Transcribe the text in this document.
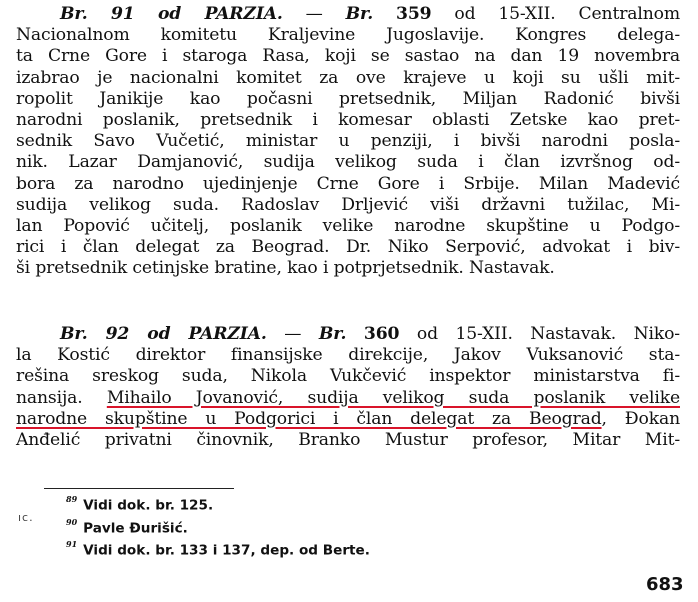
Br. 91 od PARZIA. — Br. 359 od 15-XII. Centralnom
Nacionalnom komitetu Kraljevine Jugoslavije. Kongres delega-
ta Crne Gore i staroga Rasa, koji se sastao na dan 19 novembra
izabrao je nacionalni komitet za ove krajeve u koji su ušli mit-
ropolit Janikije kao počasni pretsednik, Miljan Radonić bivši
narodni poslanik, pretsednik i komesar oblasti Zetske kao pret-
sednik Savo Vučetić, ministar u penziji, i bivši narodni posla-
nik. Lazar Damjanović, sudija velikog suda i član izvršnog od-
bora za narodno ujedinjenje Crne Gore i Srbije. Milan Madević
sudija velikog suda. Radoslav Drljević viši državni tužilac, Mi-
lan Popović učitelj, poslanik velike narodne skupštine u Podgo-
rici i član delegat za Beograd. Dr. Niko Serpović, advokat i biv-
ši pretsednik cetinjske bratine, kao i potprjetsednik. Nastavak.
Br. 92 od PARZIA. — Br. 360 od 15-XII. Nastavak. Niko-
la Kostić direktor finansijske direkcije, Jakov Vuksanović sta-
rešina sreskog suda, Nikola Vukčević inspektor ministarstva fi-
nansija. Mihailo Jovanović, sudija velikog suda poslanik velike
narodne skupštine u Podgorici i član delegat za Beograd, Đokan
Anđelić privatni činovnik, Branko Mustur profesor, Mitar Mit-
ıc.
$^{89}$ Vidi dok. br. 125.
$^{90}$ Pavle Đurišić.
$^{91}$ Vidi dok. br. 133 i 137, dep. od Berte.
683
